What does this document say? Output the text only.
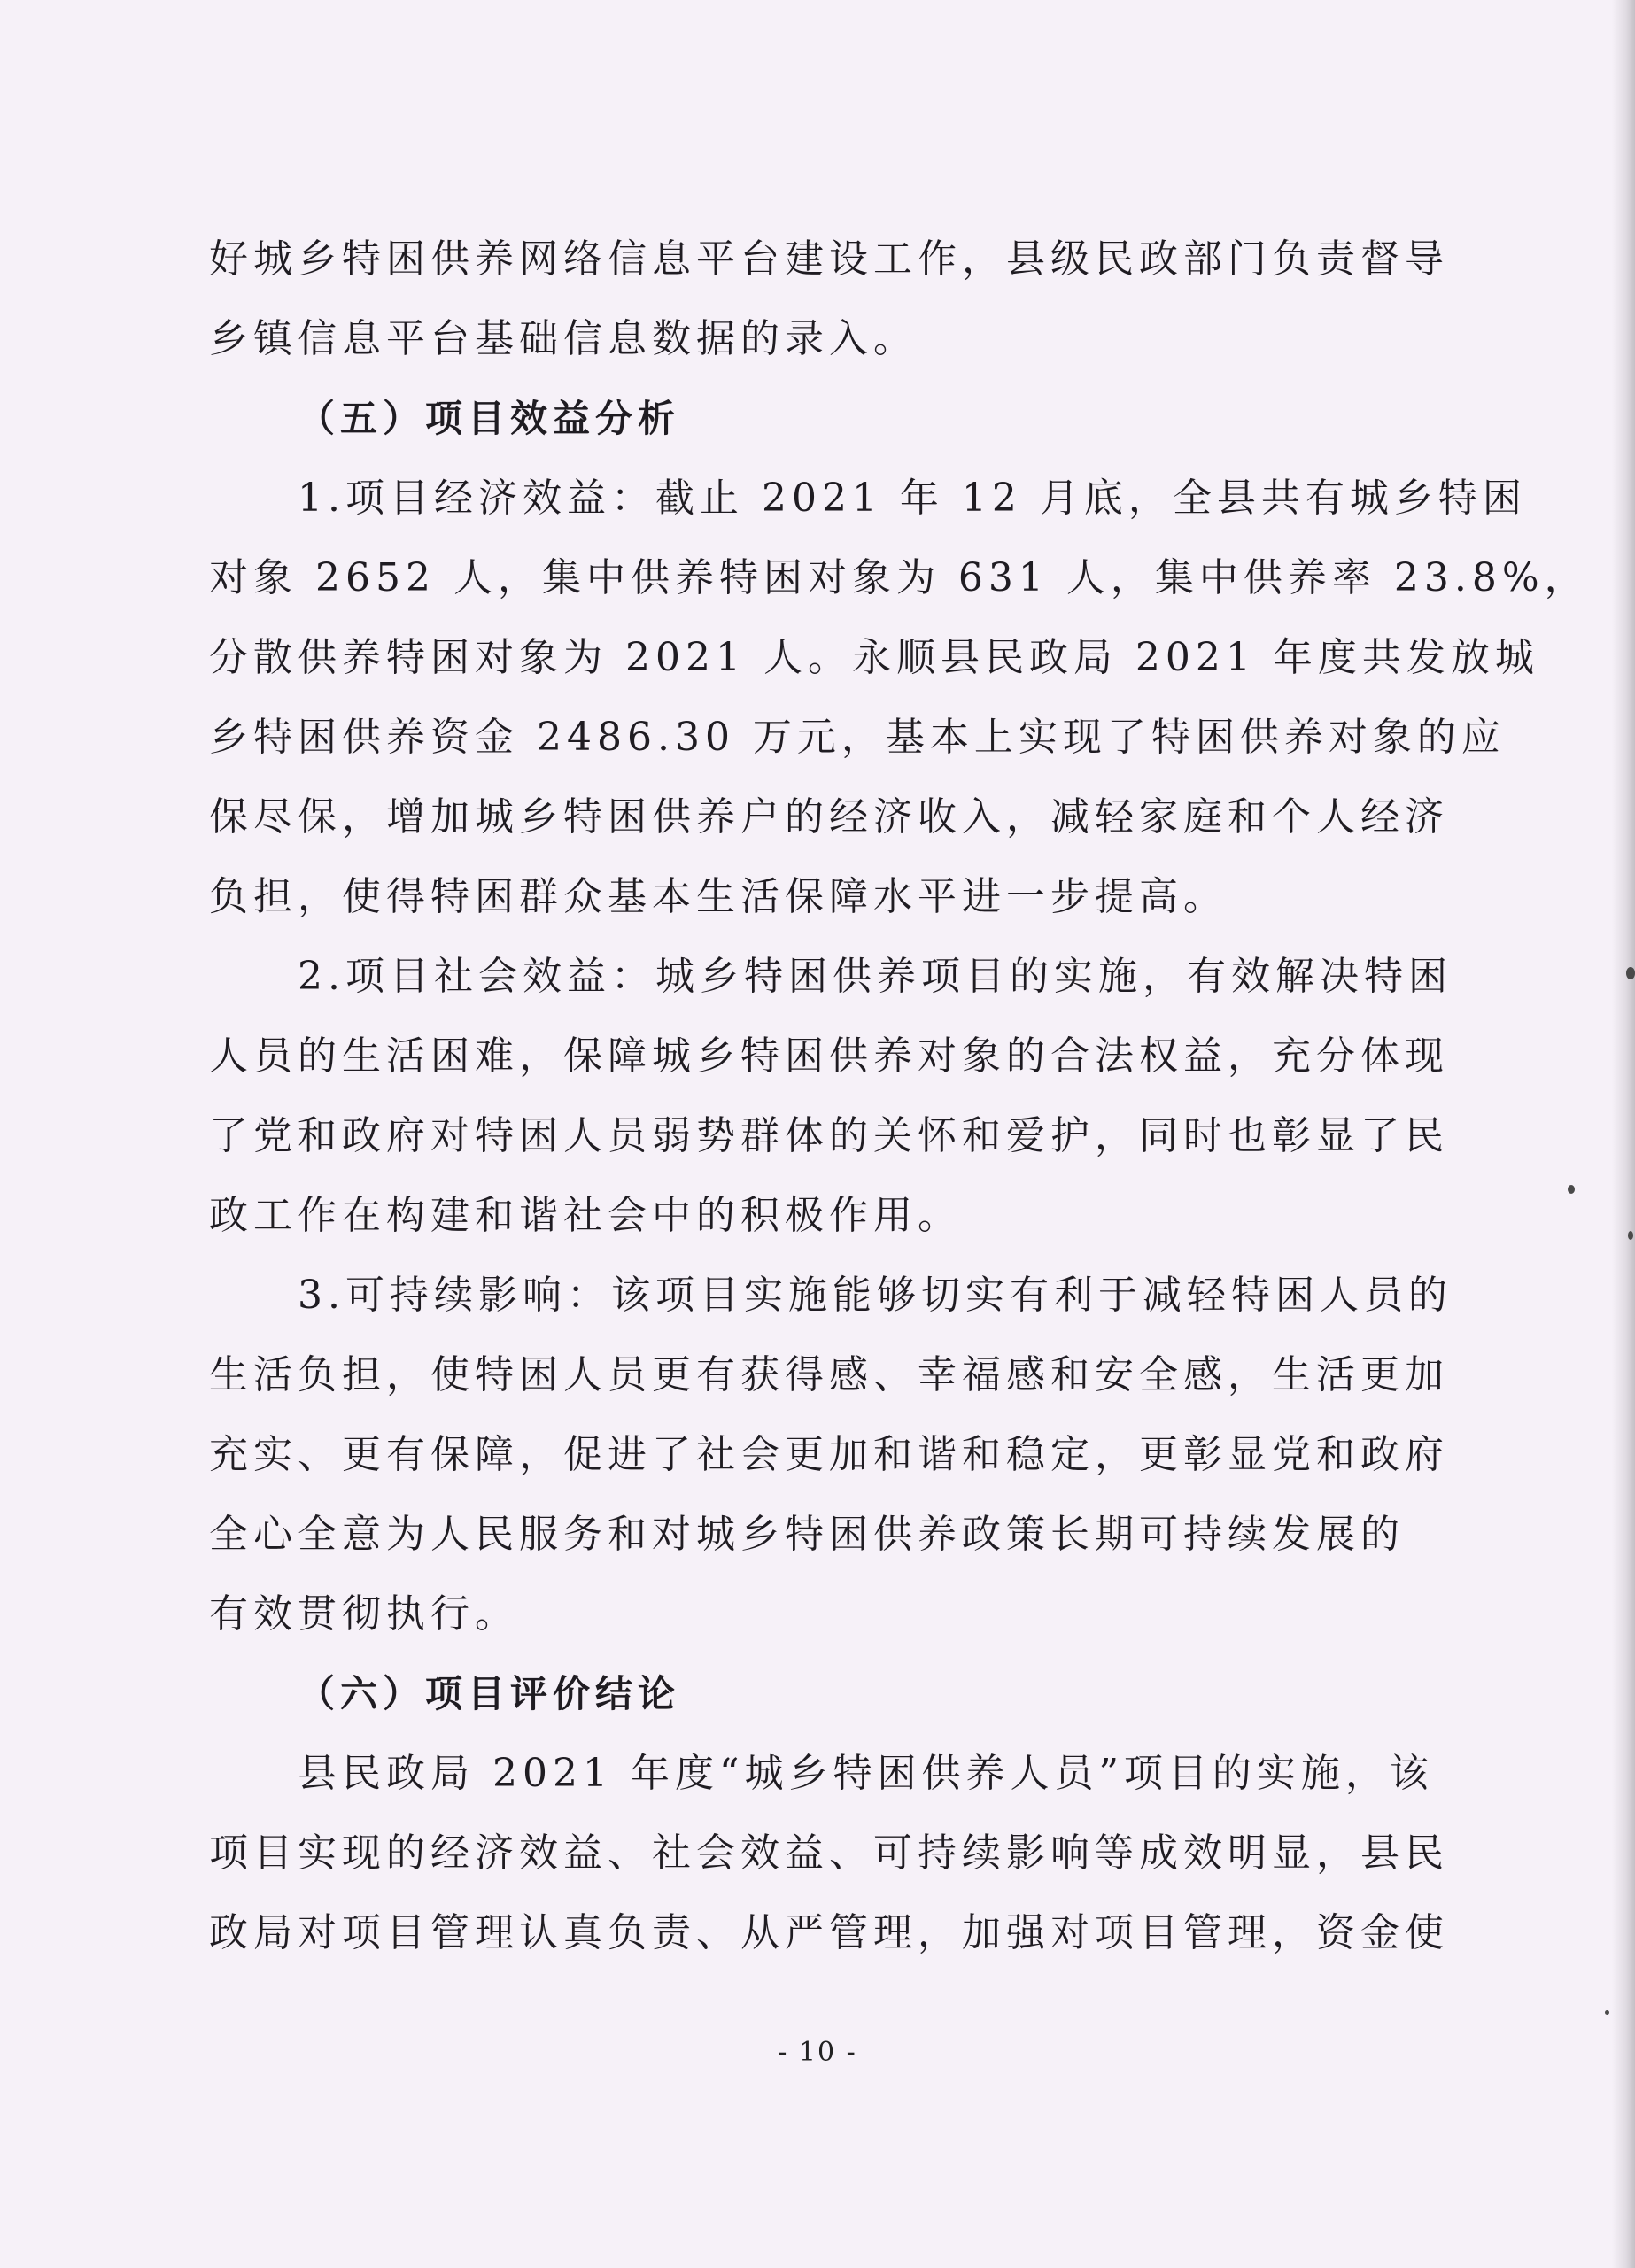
好城乡特困供养网络信息平台建设工作，县级民政部门负责督导

乡镇信息平台基础信息数据的录入。

（五）项目效益分析

1.项目经济效益：截止 2021 年 12 月底，全县共有城乡特困

对象 2652 人，集中供养特困对象为 631 人，集中供养率 23.8%，

分散供养特困对象为 2021 人。永顺县民政局 2021 年度共发放城

乡特困供养资金 2486.30 万元，基本上实现了特困供养对象的应

保尽保，增加城乡特困供养户的经济收入，减轻家庭和个人经济

负担，使得特困群众基本生活保障水平进一步提高。

2.项目社会效益：城乡特困供养项目的实施，有效解决特困

人员的生活困难，保障城乡特困供养对象的合法权益，充分体现

了党和政府对特困人员弱势群体的关怀和爱护，同时也彰显了民

政工作在构建和谐社会中的积极作用。

3.可持续影响：该项目实施能够切实有利于减轻特困人员的

生活负担，使特困人员更有获得感、幸福感和安全感，生活更加

充实、更有保障，促进了社会更加和谐和稳定，更彰显党和政府

全心全意为人民服务和对城乡特困供养政策长期可持续发展的

有效贯彻执行。

（六）项目评价结论

县民政局 2021 年度“城乡特困供养人员”项目的实施，该

项目实现的经济效益、社会效益、可持续影响等成效明显，县民

政局对项目管理认真负责、从严管理，加强对项目管理，资金使

- 10 -
